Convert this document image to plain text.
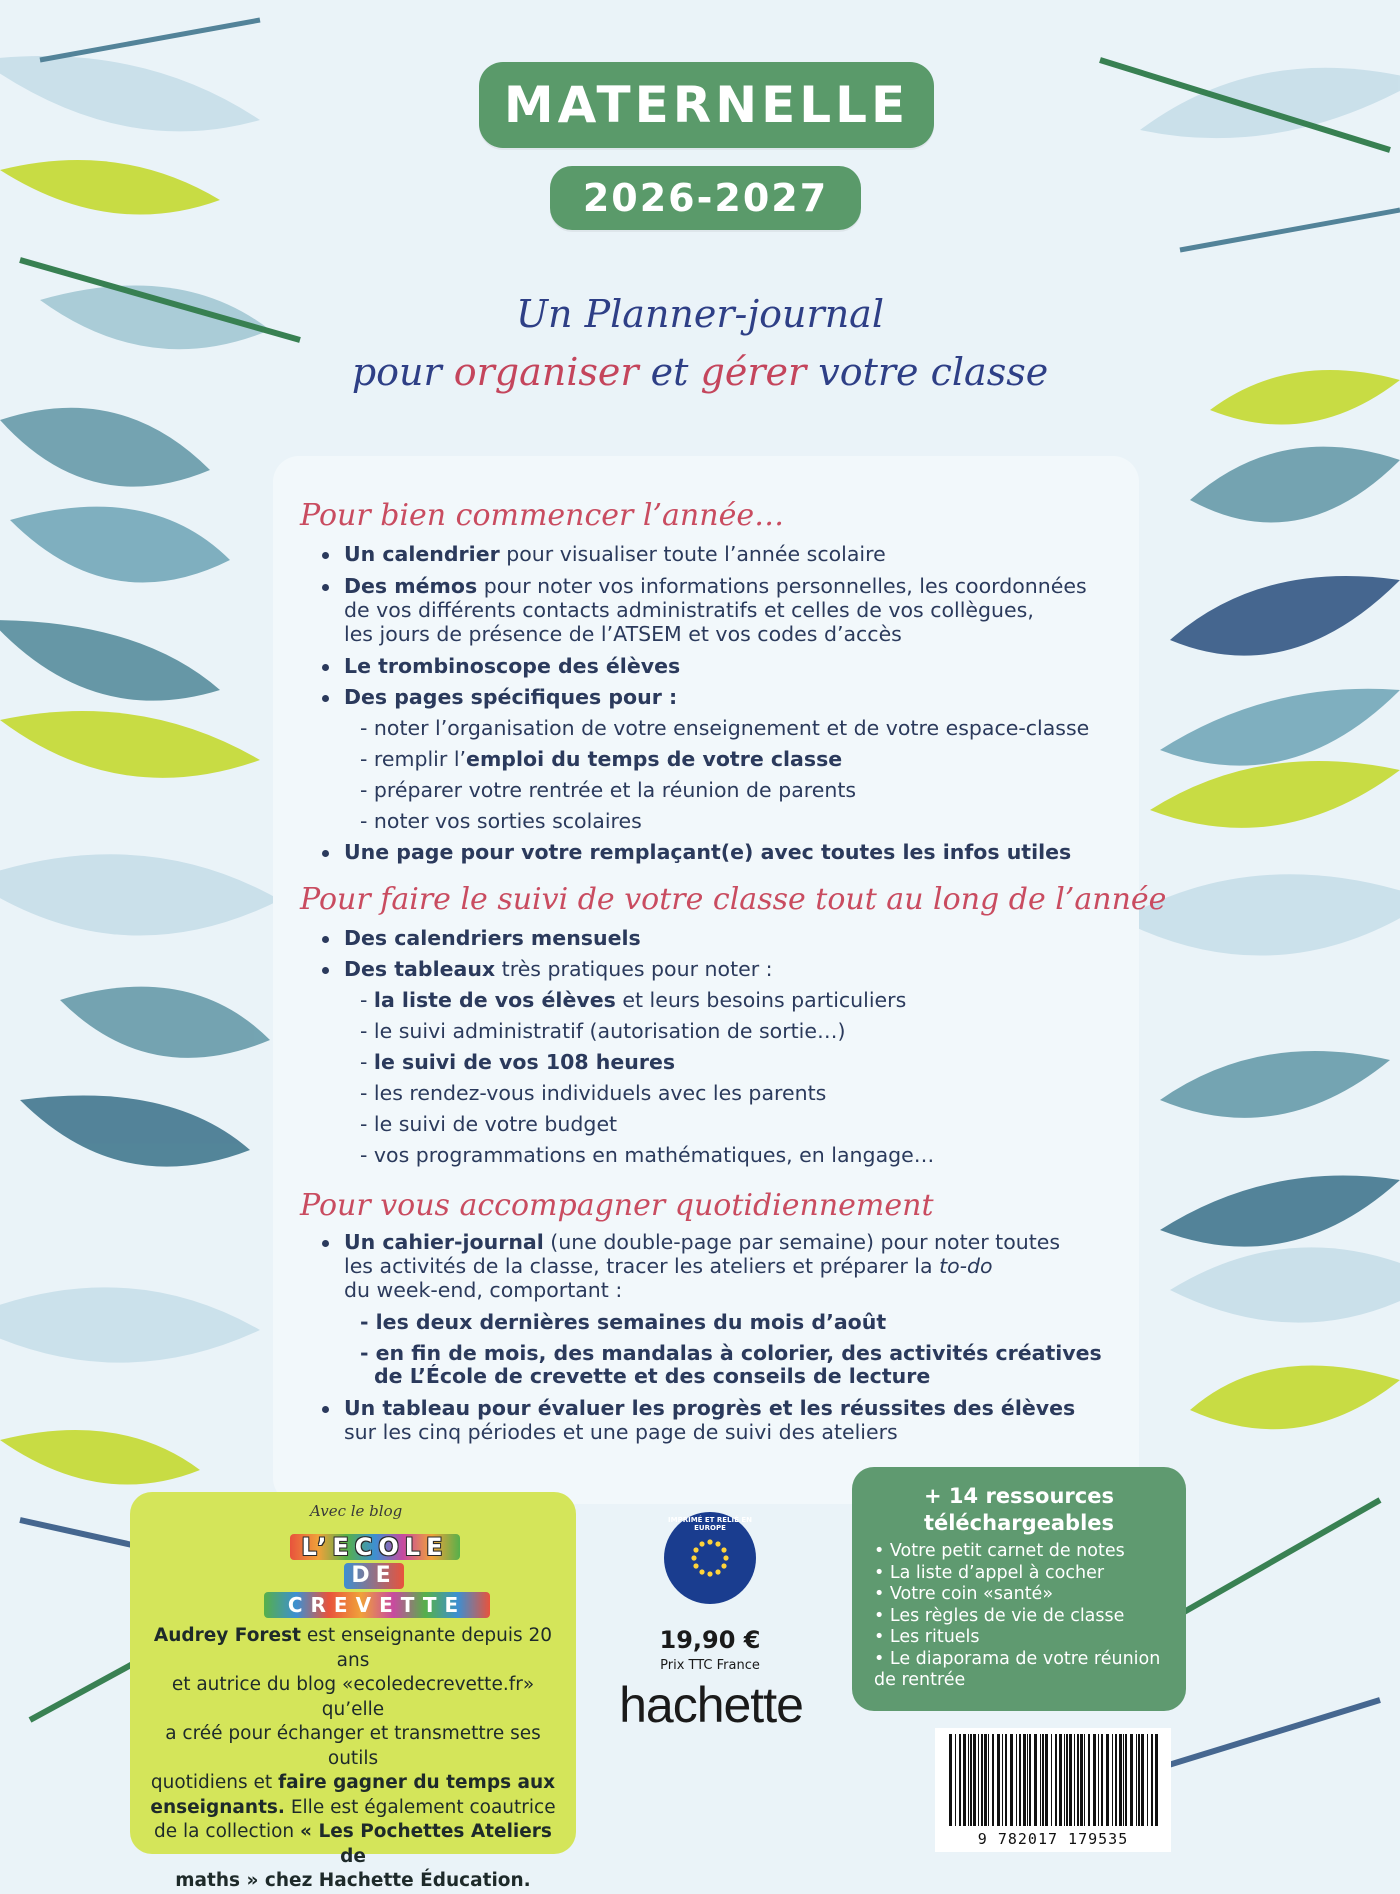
MATERNELLE
2026-2027
Un Planner-journal
pour organiser et gérer votre classe
Pour bien commencer l’année…
Un calendrier pour visualiser toute l’année scolaire
Des mémos pour noter vos informations personnelles, les coordonnées
de vos différents contacts administratifs et celles de vos collègues,
les jours de présence de l’ATSEM et vos codes d’accès
Le trombinoscope des élèves
Des pages spécifiques pour :
- noter l’organisation de votre enseignement et de votre espace-classe
- remplir l’emploi du temps de votre classe
- préparer votre rentrée et la réunion de parents
- noter vos sorties scolaires
Une page pour votre remplaçant(e) avec toutes les infos utiles
Pour faire le suivi de votre classe tout au long de l’année
Des calendriers mensuels
Des tableaux très pratiques pour noter :
- la liste de vos élèves et leurs besoins particuliers
- le suivi administratif (autorisation de sortie…)
- le suivi de vos 108 heures
- les rendez-vous individuels avec les parents
- le suivi de votre budget
- vos programmations en mathématiques, en langage…
Pour vous accompagner quotidiennement
Un cahier-journal (une double-page par semaine) pour noter toutes
les activités de la classe, tracer les ateliers et préparer la to-do
du week-end, comportant :
- les deux dernières semaines du mois d’août
- en fin de mois, des mandalas à colorier, des activités créatives
de L’École de crevette et des conseils de lecture
Un tableau pour évaluer les progrès et les réussites des élèves
sur les cinq périodes et une page de suivi des ateliers
Avec le blog
L’ECOLE
DE
CREVETTE
Audrey Forest est enseignante depuis 20 ans
et autrice du blog «ecoledecrevette.fr» qu’elle
a créé pour échanger et transmettre ses outils
quotidiens et faire gagner du temps aux
enseignants. Elle est également coautrice
de la collection « Les Pochettes Ateliers de
maths » chez Hachette Éducation.
IMPRIMÉ ET RELIÉ EN EUROPE
19,90 €
Prix TTC France
hachette
+ 14 ressources
téléchargeables
• Votre petit carnet de notes
• La liste d’appel à cocher
• Votre coin «santé»
• Les règles de vie de classe
• Les rituels
• Le diaporama de votre réunion
de rentrée
9 782017 179535
